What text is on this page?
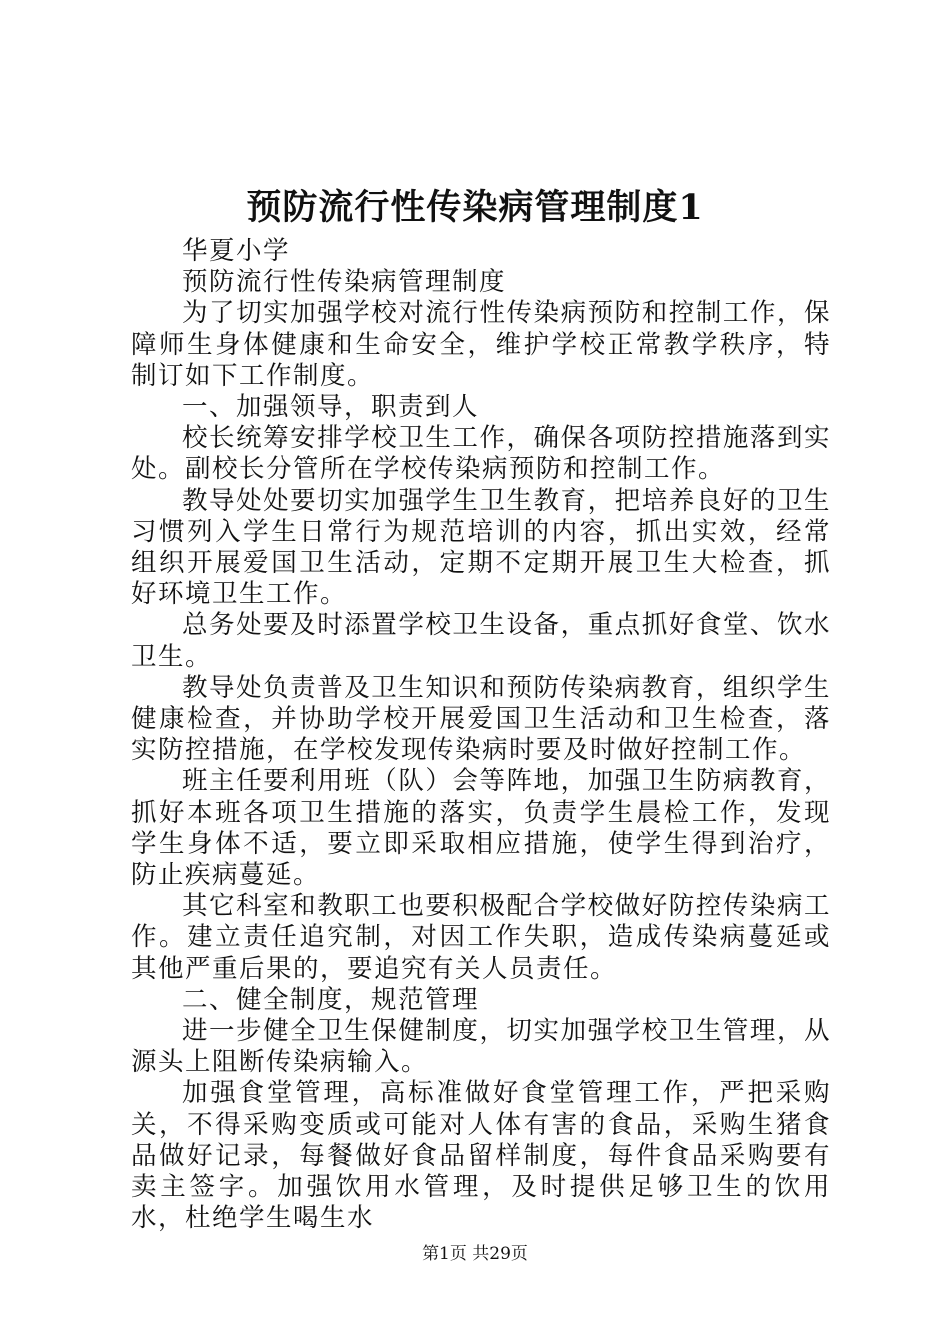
预防流行性传染病管理制度1

华夏小学

预防流行性传染病管理制度

为了切实加强学校对流行性传染病预防和控制工作，保障师生身体健康和生命安全，维护学校正常教学秩序，特制订如下工作制度。

一、加强领导，职责到人

校长统筹安排学校卫生工作，确保各项防控措施落到实处。副校长分管所在学校传染病预防和控制工作。

教导处处要切实加强学生卫生教育，把培养良好的卫生习惯列入学生日常行为规范培训的内容，抓出实效，经常组织开展爱国卫生活动，定期不定期开展卫生大检查，抓好环境卫生工作。

总务处要及时添置学校卫生设备，重点抓好食堂、饮水卫生。

教导处负责普及卫生知识和预防传染病教育，组织学生健康检查，并协助学校开展爱国卫生活动和卫生检查，落实防控措施，在学校发现传染病时要及时做好控制工作。

班主任要利用班（队）会等阵地，加强卫生防病教育，抓好本班各项卫生措施的落实，负责学生晨检工作，发现学生身体不适，要立即采取相应措施，使学生得到治疗，防止疾病蔓延。

其它科室和教职工也要积极配合学校做好防控传染病工作。建立责任追究制，对因工作失职，造成传染病蔓延或其他严重后果的，要追究有关人员责任。

二、健全制度，规范管理

进一步健全卫生保健制度，切实加强学校卫生管理，从源头上阻断传染病输入。

加强食堂管理，高标准做好食堂管理工作，严把采购关，不得采购变质或可能对人体有害的食品，采购生猪食品做好记录，每餐做好食品留样制度，每件食品采购要有卖主签字。加强饮用水管理，及时提供足够卫生的饮用水，杜绝学生喝生水

第1页 共29页
